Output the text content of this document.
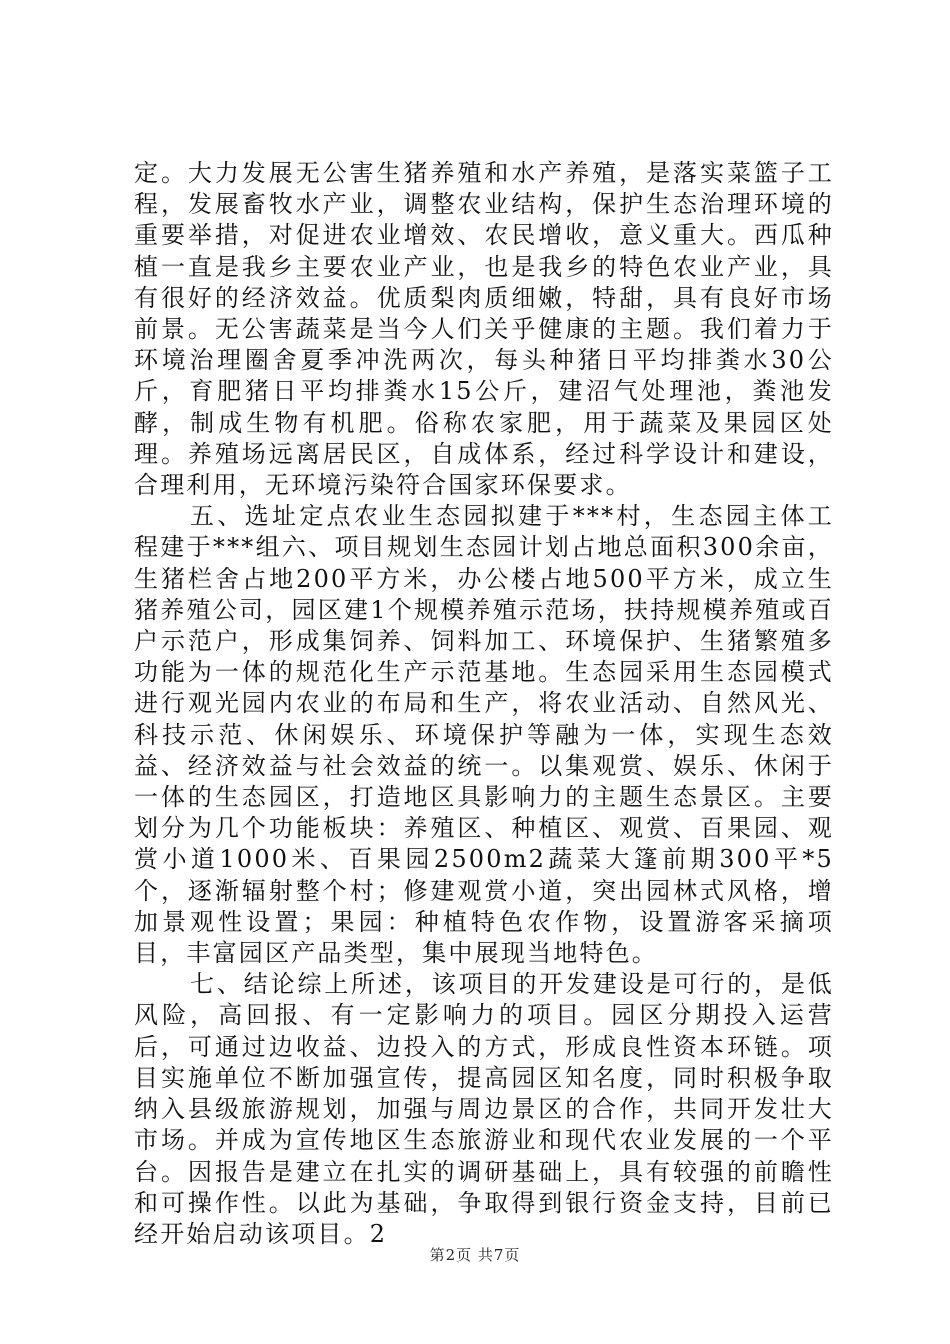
定。大力发展无公害生猪养殖和水产养殖，是落实菜篮子工程，发展畜牧水产业，调整农业结构，保护生态治理环境的重要举措，对促进农业增效、农民增收，意义重大。西瓜种植一直是我乡主要农业产业，也是我乡的特色农业产业，具有很好的经济效益。优质梨肉质细嫩，特甜，具有良好市场前景。无公害蔬菜是当今人们关乎健康的主题。我们着力于环境治理圈舍夏季冲洗两次，每头种猪日平均排粪水30公斤，育肥猪日平均排粪水15公斤，建沼气处理池，粪池发酵，制成生物有机肥。俗称农家肥，用于蔬菜及果园区处理。养殖场远离居民区，自成体系，经过科学设计和建设，合理利用，无环境污染符合国家环保要求。

五、选址定点农业生态园拟建于***村，生态园主体工程建于***组六、项目规划生态园计划占地总面积300余亩，生猪栏舍占地200平方米，办公楼占地500平方米，成立生猪养殖公司，园区建1个规模养殖示范场，扶持规模养殖或百户示范户，形成集饲养、饲料加工、环境保护、生猪繁殖多功能为一体的规范化生产示范基地。生态园采用生态园模式进行观光园内农业的布局和生产，将农业活动、自然风光、科技示范、休闲娱乐、环境保护等融为一体，实现生态效益、经济效益与社会效益的统一。以集观赏、娱乐、休闲于一体的生态园区，打造地区具影响力的主题生态景区。主要划分为几个功能板块：养殖区、种植区、观赏、百果园、观赏小道1000米、百果园2500m2蔬菜大篷前期300平*5个，逐渐辐射整个村；修建观赏小道，突出园林式风格，增加景观性设置；果园：种植特色农作物，设置游客采摘项目，丰富园区产品类型，集中展现当地特色。

七、结论综上所述，该项目的开发建设是可行的，是低风险，高回报、有一定影响力的项目。园区分期投入运营后，可通过边收益、边投入的方式，形成良性资本环链。项目实施单位不断加强宣传，提高园区知名度，同时积极争取纳入县级旅游规划，加强与周边景区的合作，共同开发壮大市场。并成为宣传地区生态旅游业和现代农业发展的一个平台。因报告是建立在扎实的调研基础上，具有较强的前瞻性和可操作性。以此为基础，争取得到银行资金支持，目前已经开始启动该项目。2

第2页 共7页
